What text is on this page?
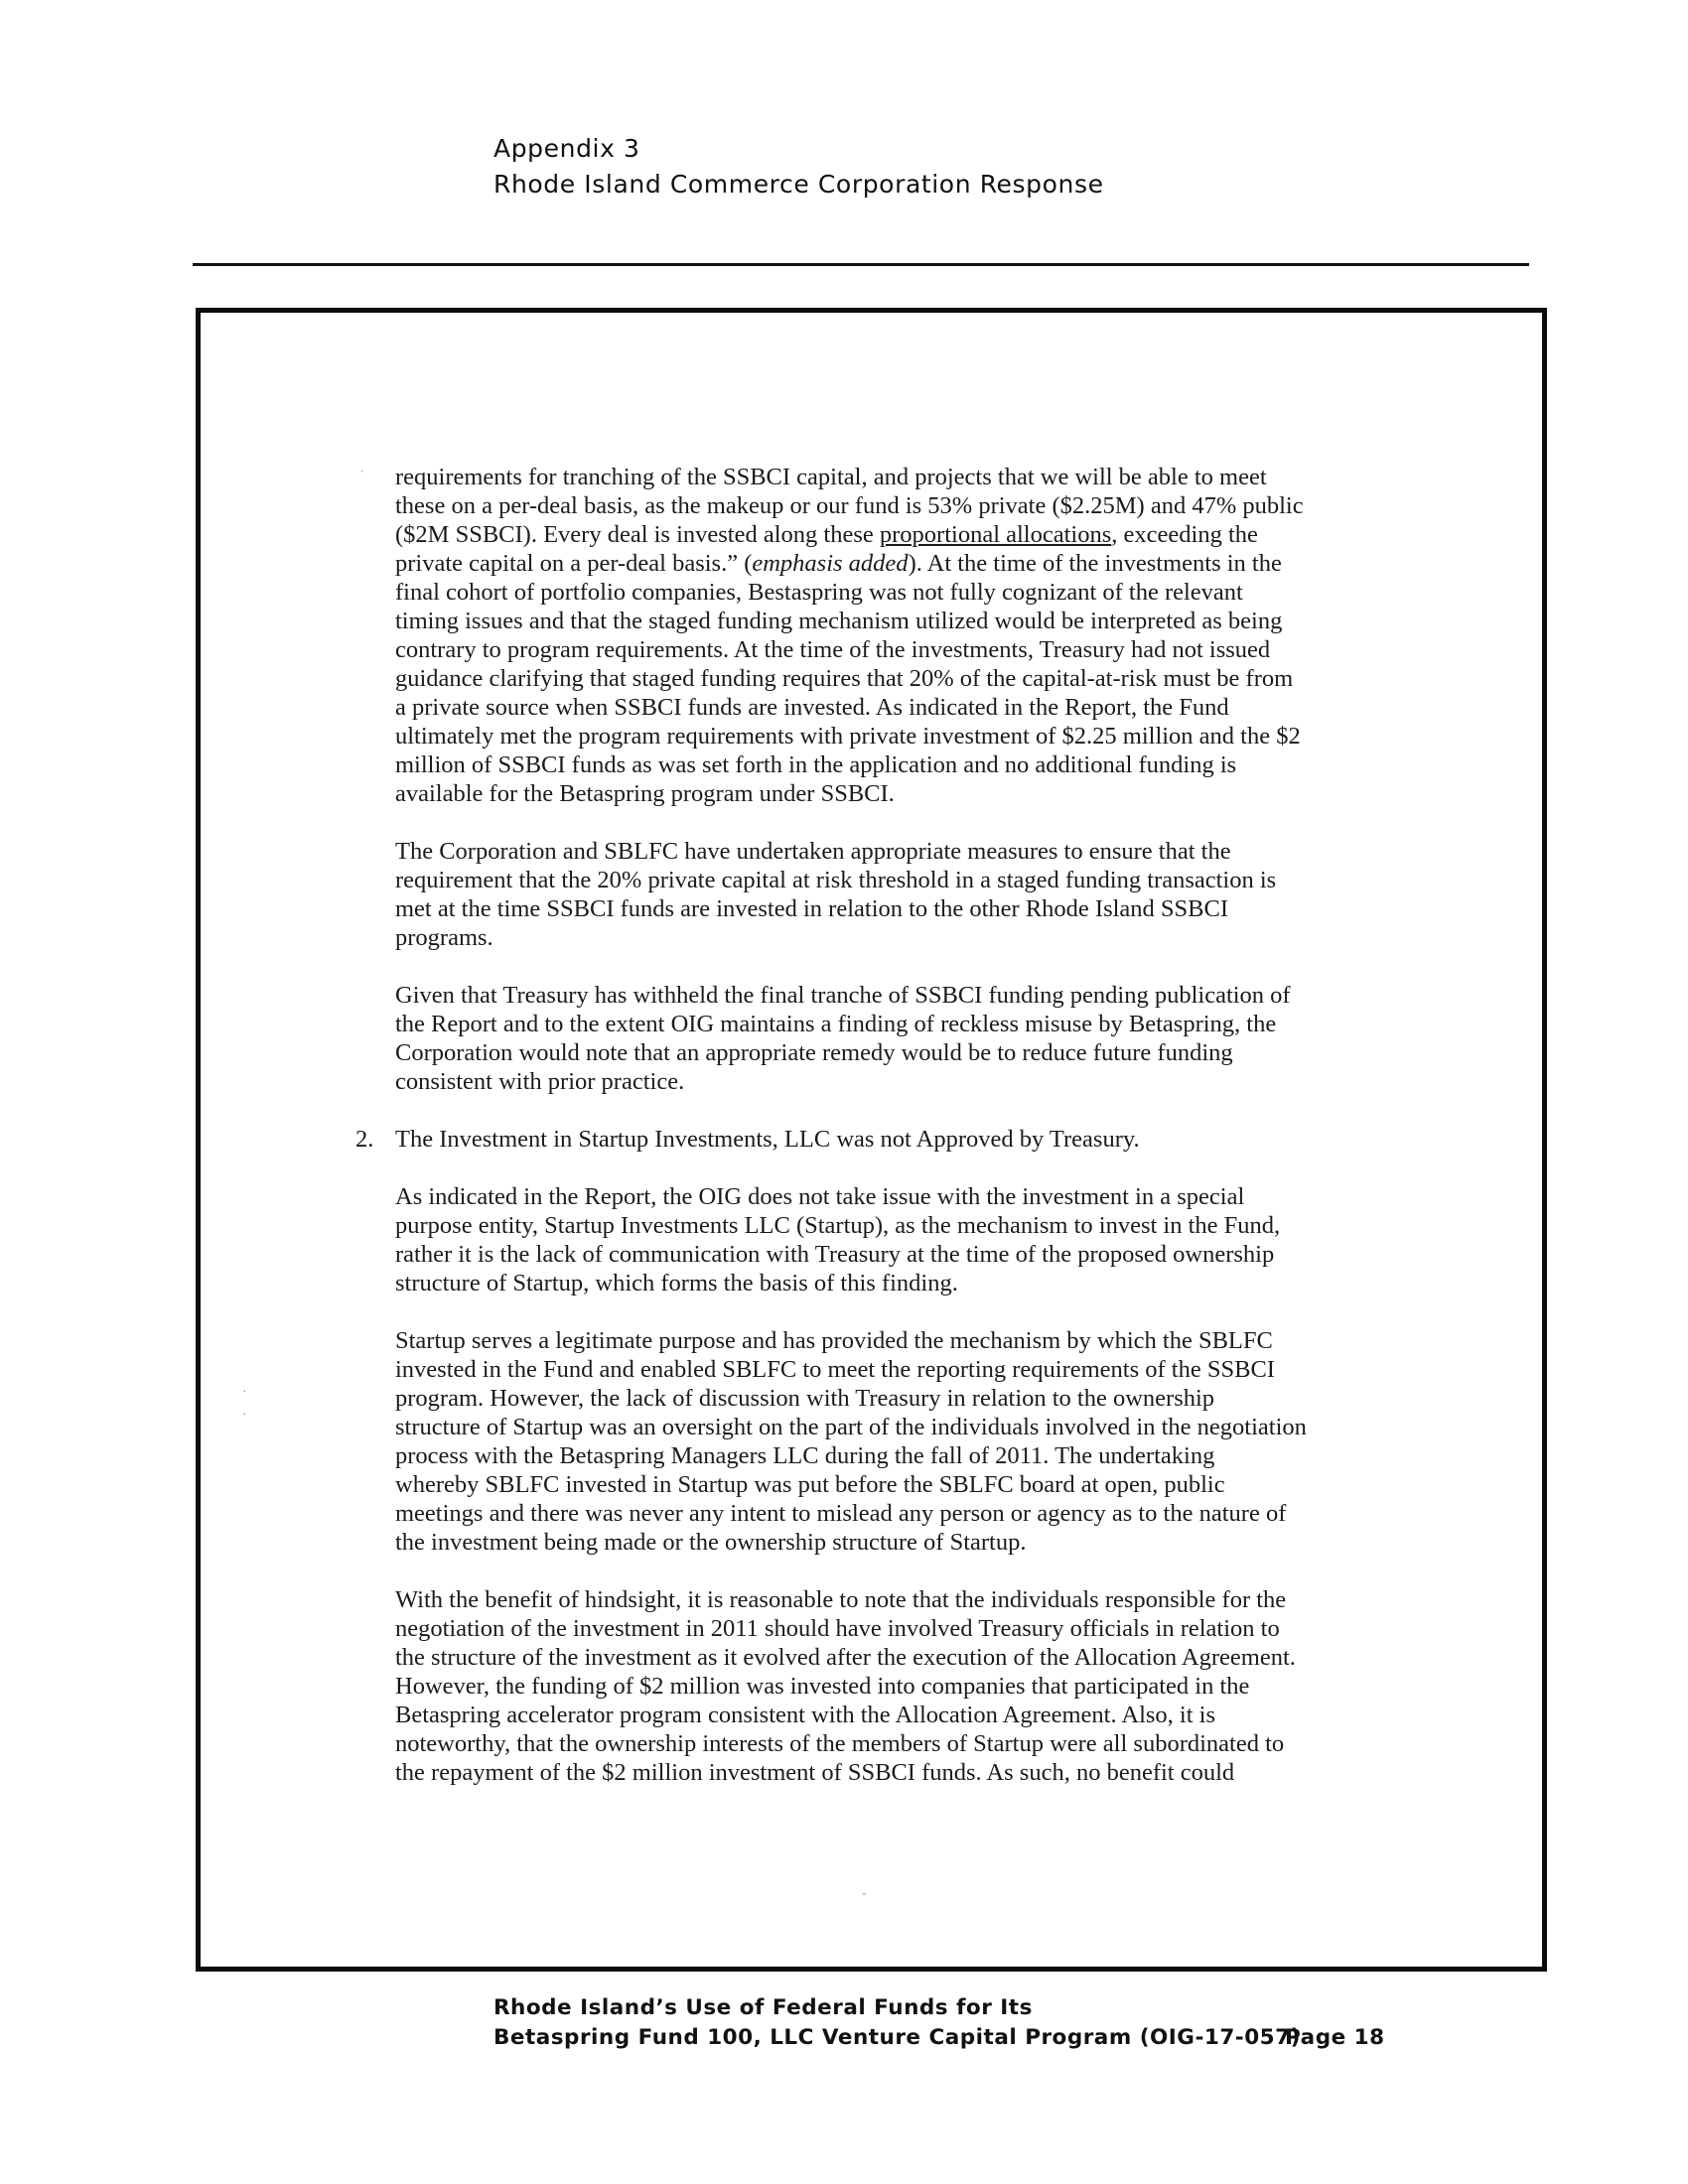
Appendix 3
Rhode Island Commerce Corporation Response
˙
·
·
-
requirements for tranching of the SSBCI capital, and projects that we will be able to meet
these on a per-deal basis, as the makeup or our fund is 53% private ($2.25M) and 47% public
($2M SSBCI). Every deal is invested along these proportional allocations, exceeding the
private capital on a per-deal basis.” (emphasis added). At the time of the investments in the
final cohort of portfolio companies, Bestaspring was not fully cognizant of the relevant
timing issues and that the staged funding mechanism utilized would be interpreted as being
contrary to program requirements. At the time of the investments, Treasury had not issued
guidance clarifying that staged funding requires that 20% of the capital-at-risk must be from
a private source when SSBCI funds are invested. As indicated in the Report, the Fund
ultimately met the program requirements with private investment of $2.25 million and the $2
million of SSBCI funds as was set forth in the application and no additional funding is
available for the Betaspring program under SSBCI.
The Corporation and SBLFC have undertaken appropriate measures to ensure that the
requirement that the 20% private capital at risk threshold in a staged funding transaction is
met at the time SSBCI funds are invested in relation to the other Rhode Island SSBCI
programs.
Given that Treasury has withheld the final tranche of SSBCI funding pending publication of
the Report and to the extent OIG maintains a finding of reckless misuse by Betaspring, the
Corporation would note that an appropriate remedy would be to reduce future funding
consistent with prior practice.
2. The Investment in Startup Investments, LLC was not Approved by Treasury.
As indicated in the Report, the OIG does not take issue with the investment in a special
purpose entity, Startup Investments LLC (Startup), as the mechanism to invest in the Fund,
rather it is the lack of communication with Treasury at the time of the proposed ownership
structure of Startup, which forms the basis of this finding.
Startup serves a legitimate purpose and has provided the mechanism by which the SBLFC
invested in the Fund and enabled SBLFC to meet the reporting requirements of the SSBCI
program. However, the lack of discussion with Treasury in relation to the ownership
structure of Startup was an oversight on the part of the individuals involved in the negotiation
process with the Betaspring Managers LLC during the fall of 2011. The undertaking
whereby SBLFC invested in Startup was put before the SBLFC board at open, public
meetings and there was never any intent to mislead any person or agency as to the nature of
the investment being made or the ownership structure of Startup.
With the benefit of hindsight, it is reasonable to note that the individuals responsible for the
negotiation of the investment in 2011 should have involved Treasury officials in relation to
the structure of the investment as it evolved after the execution of the Allocation Agreement.
However, the funding of $2 million was invested into companies that participated in the
Betaspring accelerator program consistent with the Allocation Agreement. Also, it is
noteworthy, that the ownership interests of the members of Startup were all subordinated to
the repayment of the $2 million investment of SSBCI funds. As such, no benefit could
Rhode Island’s Use of Federal Funds for Its
Betaspring Fund 100, LLC Venture Capital Program (OIG-17-057)
Page 18
